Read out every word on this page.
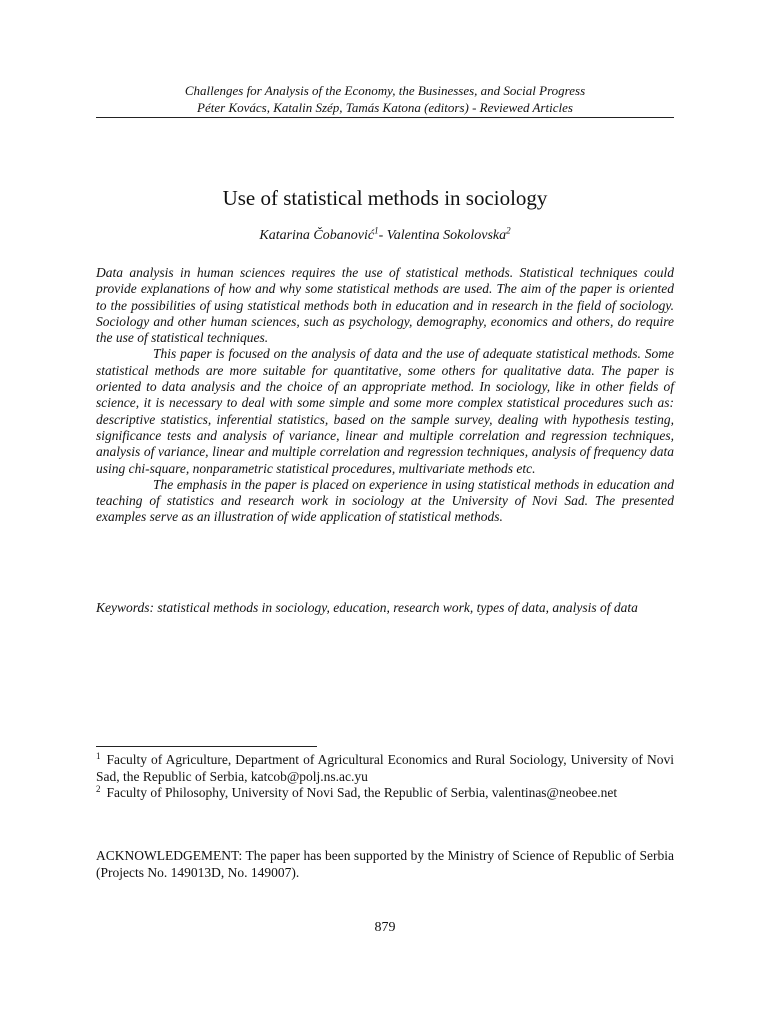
Challenges for Analysis of the Economy, the Businesses, and Social Progress
Péter Kovács, Katalin Szép, Tamás Katona (editors) - Reviewed Articles
Use of statistical methods in sociology
Katarina Čobanović$^1$- Valentina Sokolovska$^2$

Data analysis in human sciences requires the use of statistical methods. Statistical techniques could provide explanations of how and why some statistical methods are used. The aim of the paper is oriented to the possibilities of using statistical methods both in education and in research in the field of sociology. Sociology and other human sciences, such as psychology, demography, economics and others, do require the use of statistical techniques.

This paper is focused on the analysis of data and the use of adequate statistical methods. Some statistical methods are more suitable for quantitative, some others for qualitative data. The paper is oriented to data analysis and the choice of an appropriate method. In sociology, like in other fields of science, it is necessary to deal with some simple and some more complex statistical procedures such as: descriptive statistics, inferential statistics, based on the sample survey, dealing with hypothesis testing, significance tests and analysis of variance, linear and multiple correlation and regression techniques, analysis of variance, linear and multiple correlation and regression techniques, analysis of frequency data using chi-square, nonparametric statistical procedures, multivariate methods etc.

The emphasis in the paper is placed on experience in using statistical methods in education and teaching of statistics and research work in sociology at the University of Novi Sad. The presented examples serve as an illustration of wide application of statistical methods.

Keywords: statistical methods in sociology, education, research work, types of data, analysis of data

$^1$ Faculty of Agriculture, Department of Agricultural Economics and Rural Sociology, University of Novi Sad, the Republic of Serbia, katcob@polj.ns.ac.yu

$^2$ Faculty of Philosophy, University of Novi Sad, the Republic of Serbia, valentinas@neobee.net

ACKNOWLEDGEMENT: The paper has been supported by the Ministry of Science of Republic of Serbia (Projects No. 149013D, No. 149007).
879
